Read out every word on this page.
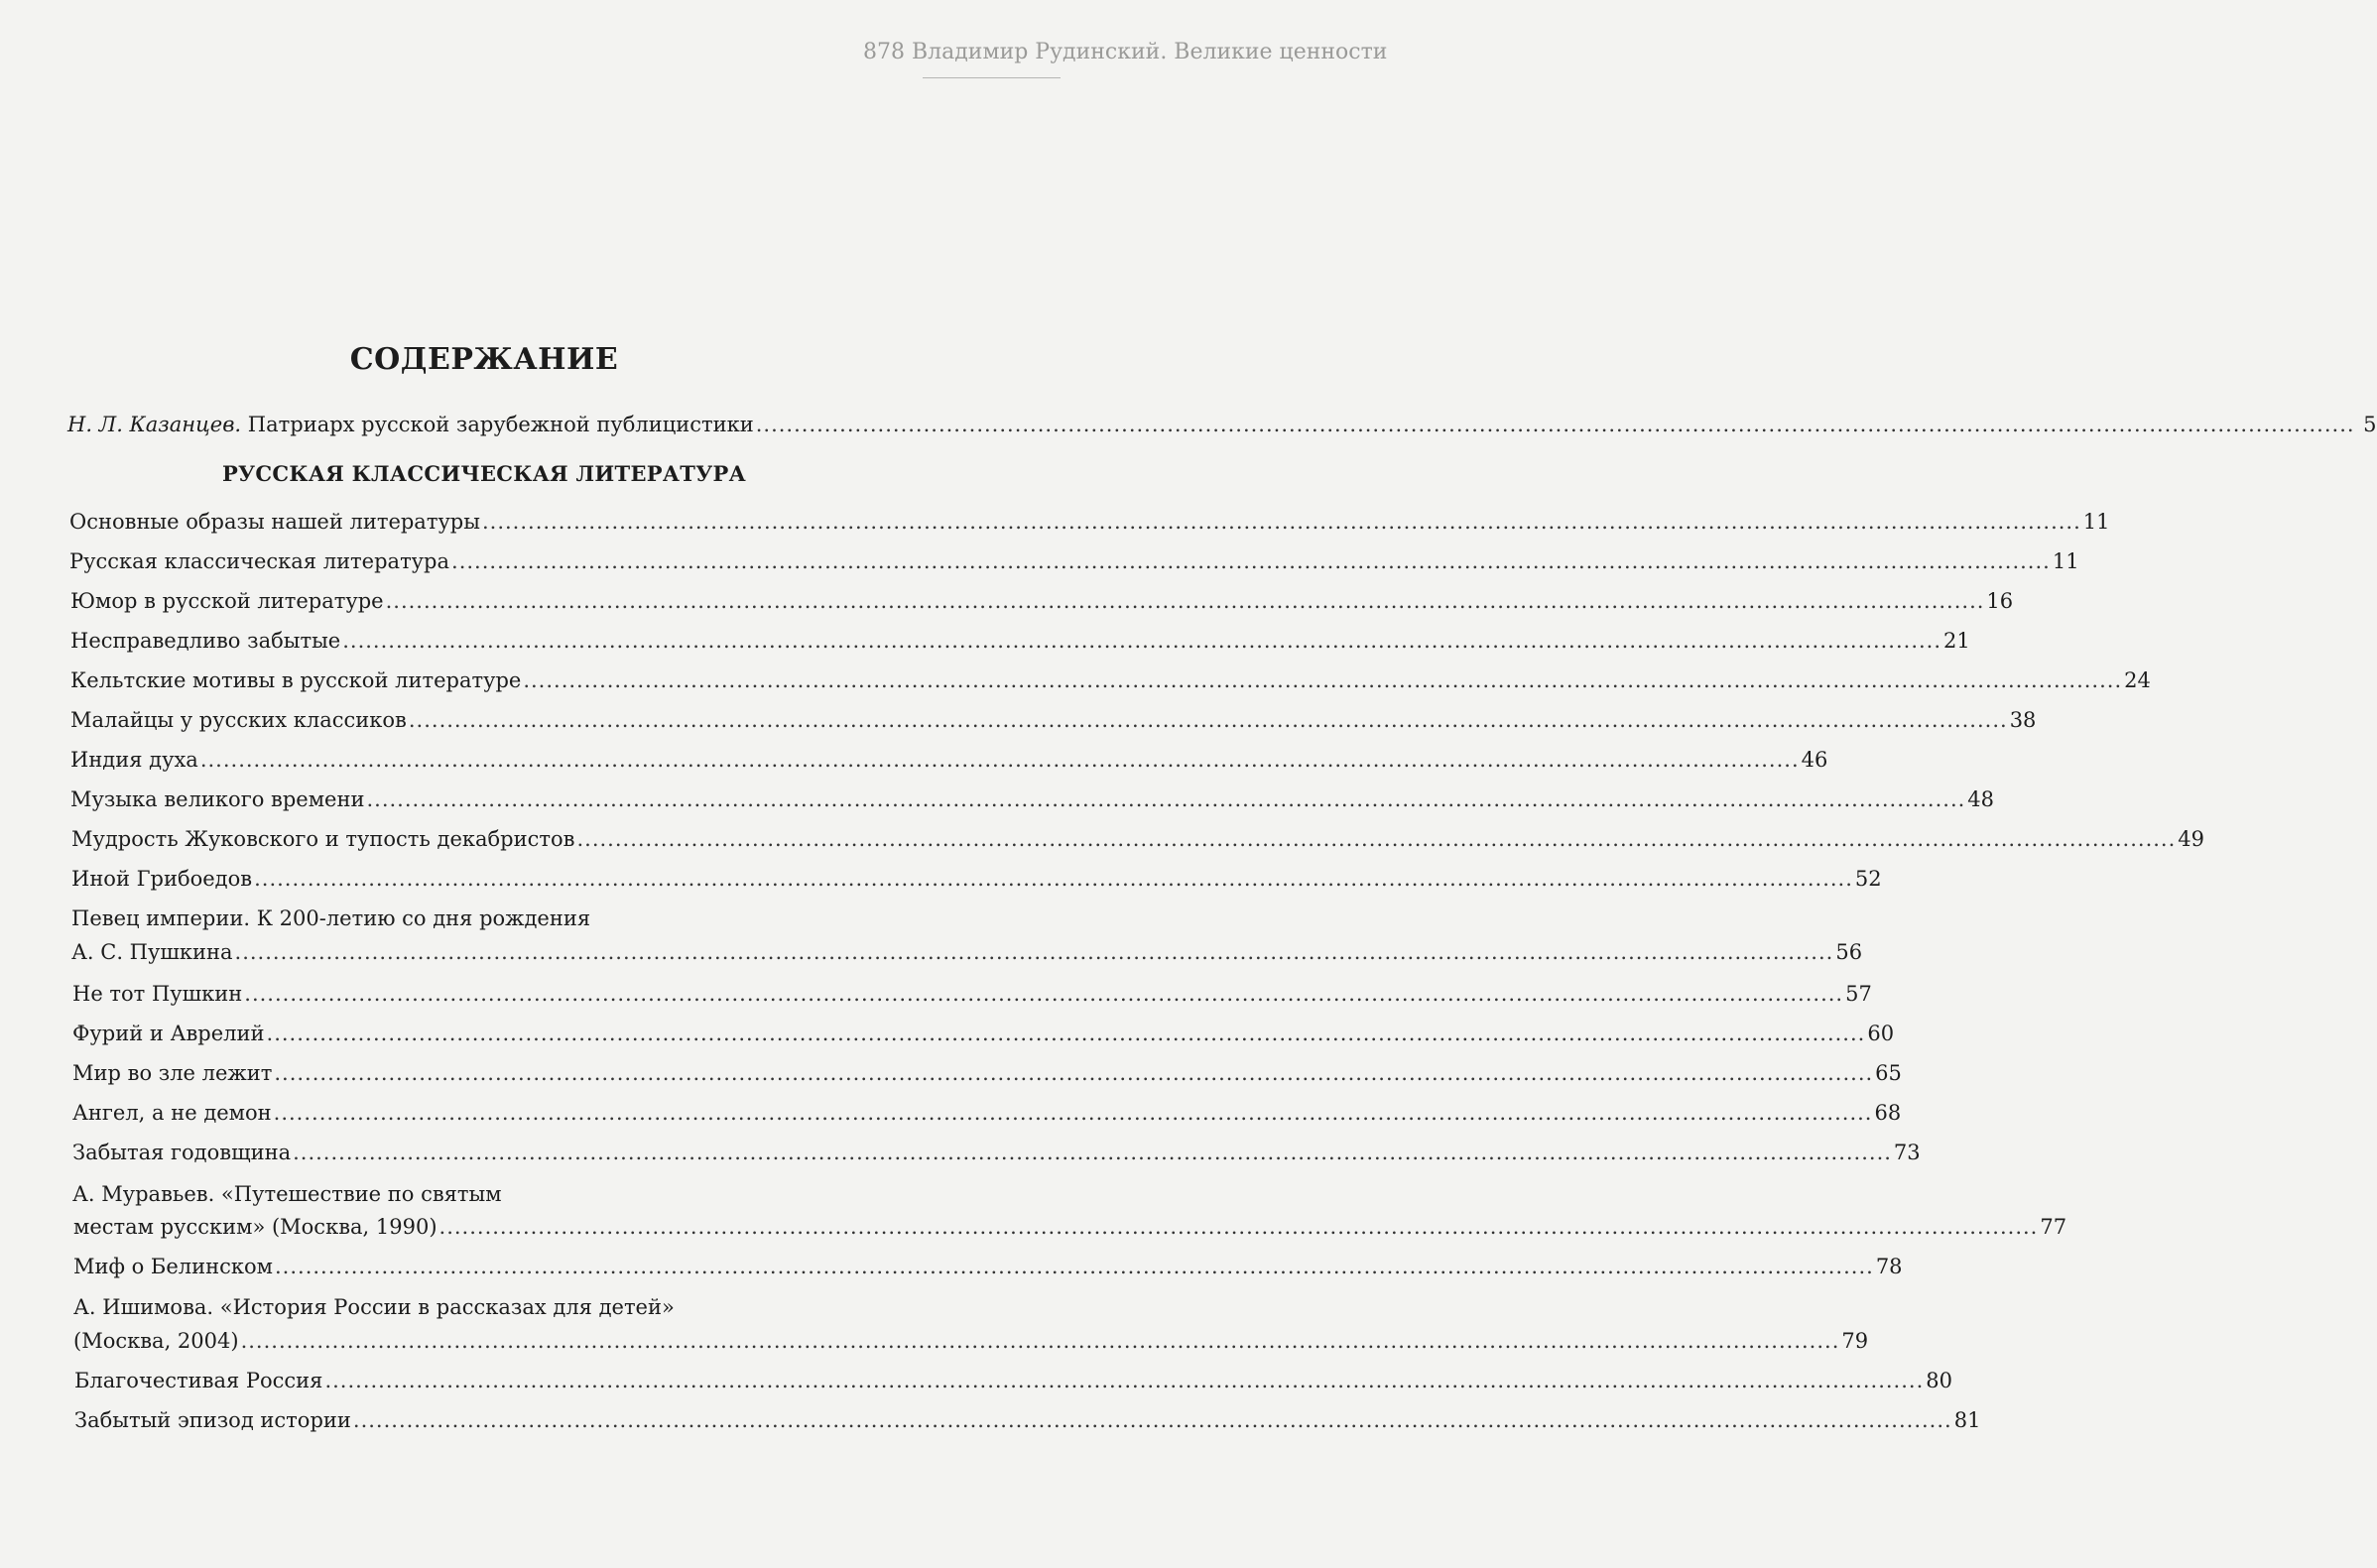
878 Владимир Рудинский. Великие ценности
СОДЕРЖАНИЕ
Н. Л. Казанцев. Патриарх русской зарубежной публицистики .....	5
РУССКАЯ КЛАССИЧЕСКАЯ ЛИТЕРАТУРА
Основные образы нашей литературы .....	11
Русская классическая литература .....	11
Юмор в русской литературе .....	16
Несправедливо забытые .....	21
Кельтские мотивы в русской литературе .....	24
Малайцы у русских классиков .....	38
Индия духа .....	46
Музыка великого времени .....	48
Мудрость Жуковского и тупость декабристов .....	49
Иной Грибоедов .....	52
Певец империи. К 200-летию со дня рождения
А. С. Пушкина .....	56
Не тот Пушкин .....	57
Фурий и Аврелий .....	60
Мир во зле лежит .....	65
Ангел, а не демон .....	68
Забытая годовщина .....	73
А. Муравьев. «Путешествие по святым
местам русским» (Москва, 1990) .....	77
Миф о Белинском .....	78
А. Ишимова. «История России в рассказах для детей»
(Москва, 2004) .....	79
Благочестивая Россия .....	80
Забытый эпизод истории .....	81
